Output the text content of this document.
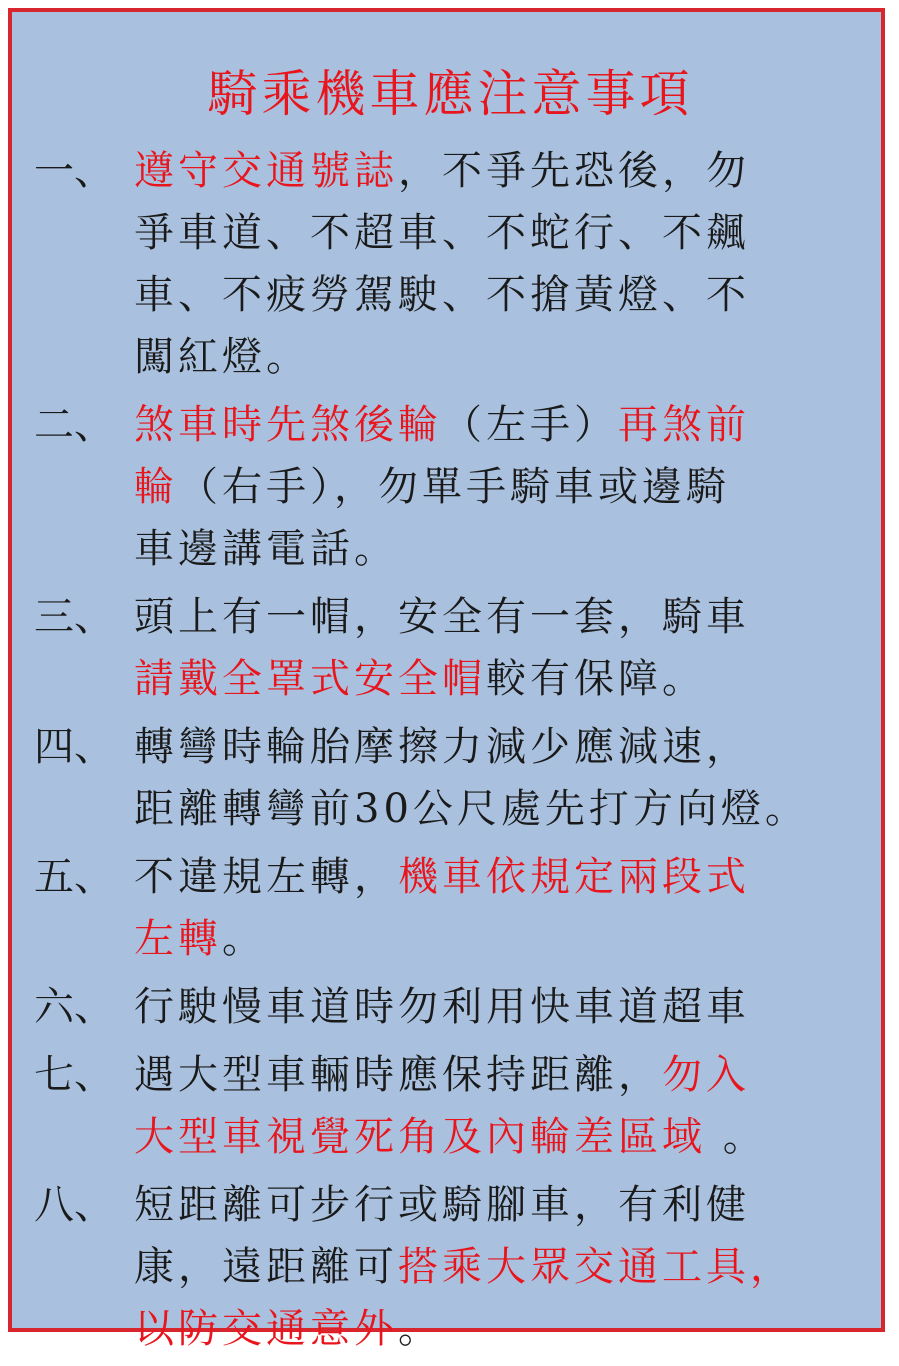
騎乘機車應注意事項
一、 遵守交通號誌，不爭先恐後，勿
爭車道、不超車、不蛇行、不飆
車、不疲勞駕駛、不搶黃燈、不
闖紅燈。
二、 煞車時先煞後輪（左手）再煞前
輪（右手），勿單手騎車或邊騎
車邊講電話。
三、 頭上有一帽，安全有一套，騎車
請戴全罩式安全帽較有保障。
四、 轉彎時輪胎摩擦力減少應減速，
距離轉彎前30公尺處先打方向燈。
五、 不違規左轉，機車依規定兩段式
左轉。
六、 行駛慢車道時勿利用快車道超車
七、 遇大型車輛時應保持距離，勿入
大型車視覺死角及內輪差區域 。
八、 短距離可步行或騎腳車，有利健
康，遠距離可搭乘大眾交通工具，
以防交通意外。
